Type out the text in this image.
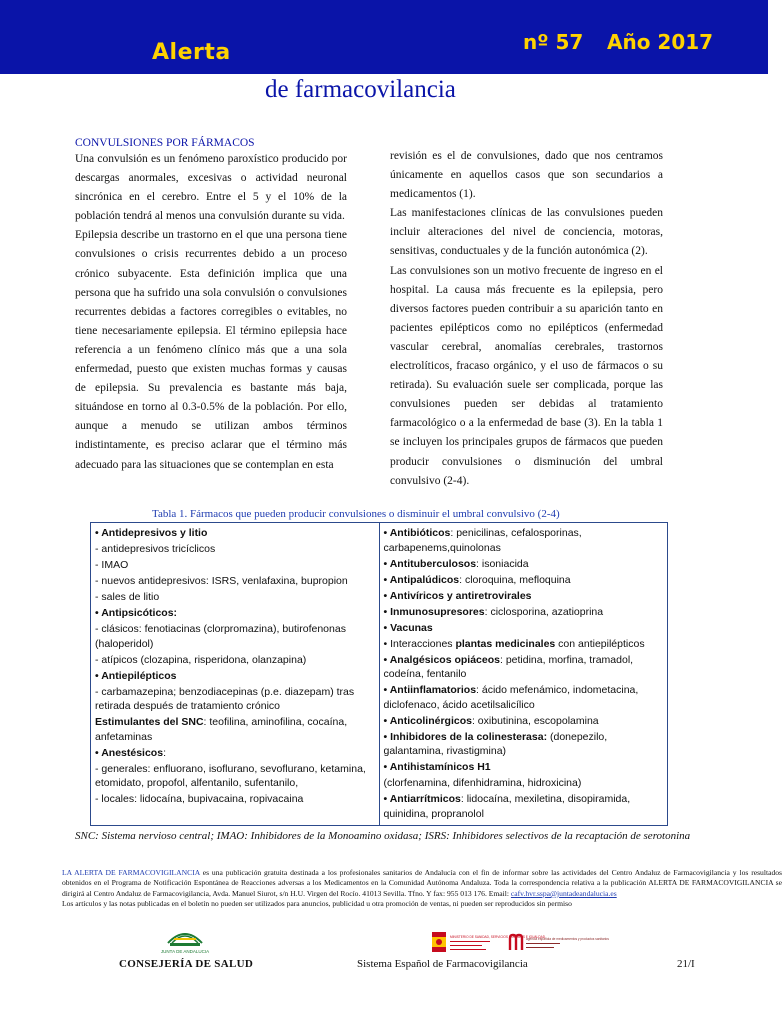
Alerta	nº 57 Año 2017
de farmacovilancia

CONVULSIONES POR FÁRMACOS

Una convulsión es un fenómeno paroxístico producido por descargas anormales, excesivas o actividad neuronal sincrónica en el cerebro. Entre el 5 y el 10% de la población tendrá al menos una convulsión durante su vida.

Epilepsia describe un trastorno en el que una persona tiene convulsiones o crisis recurrentes debido a un proceso crónico subyacente. Esta definición implica que una persona que ha sufrido una sola convulsión o convulsiones recurrentes debidas a factores corregibles o evitables, no tiene necesariamente epilepsia. El término epilepsia hace referencia a un fenómeno clínico más que a una sola enfermedad, puesto que existen muchas formas y causas de epilepsia. Su prevalencia es bastante más baja, situándose en torno al 0.3-0.5% de la población. Por ello, aunque a menudo se utilizan ambos términos indistintamente, es preciso aclarar que el término más adecuado para las situaciones que se contemplan en esta

revisión es el de convulsiones, dado que nos centramos únicamente en aquellos casos que son secundarios a medicamentos (1).

Las manifestaciones clínicas de las convulsiones pueden incluir alteraciones del nivel de conciencia, motoras, sensitivas, conductuales y de la función autonómica (2).

Las convulsiones son un motivo frecuente de ingreso en el hospital. La causa más frecuente es la epilepsia, pero diversos factores pueden contribuir a su aparición tanto en pacientes epilépticos como no epilépticos (enfermedad vascular cerebral, anomalías cerebrales, trastornos electrolíticos, fracaso orgánico, y el uso de fármacos o su retirada). Su evaluación suele ser complicada, porque las convulsiones pueden ser debidas al tratamiento farmacológico o a la enfermedad de base (3). En la tabla 1 se incluyen los principales grupos de fármacos que pueden producir convulsiones o disminución del umbral convulsivo (2-4).

Tabla 1. Fármacos que pueden producir convulsiones o disminuir el umbral convulsivo (2-4)
• Antidepresivos y litio
- antidepresivos tricíclicos
- IMAO
- nuevos antidepresivos: ISRS, venlafaxina, bupropion
- sales de litio
• Antipsicóticos:
- clásicos: fenotiacinas (clorpromazina), butirofenonas (haloperidol)
- atípicos (clozapina, risperidona, olanzapina)
• Antiepilépticos
- carbamazepina; benzodiacepinas (p.e. diazepam) tras retirada después de tratamiento crónico
Estimulantes del SNC: teofilina, aminofilina, cocaína, anfetaminas
• Anestésicos:
- generales: enfluorano, isoflurano, sevoflurano, ketamina, etomidato, propofol, alfentanilo, sufentanilo,
- locales: lidocaína, bupivacaina, ropivacaina

• Antibióticos: penicilinas, cefalosporinas, carbapenems,quinolonas
• Antituberculosos: isoniacida
• Antipalúdicos: cloroquina, mefloquina
• Antivíricos y antiretrovirales
• Inmunosupresores: ciclosporina, azatioprina
• Vacunas
• Interacciones plantas medicinales con antiepilépticos
• Analgésicos opiáceos: petidina, morfina, tramadol, codeína, fentanilo
• Antiinflamatorios: ácido mefenámico, indometacina, diclofenaco, ácido acetilsalicílico
• Anticolinérgicos: oxibutinina, escopolamina
• Inhibidores de la colinesterasa: (donepezilo, galantamina, rivastigmina)
• Antihistamínicos H1
(clorfenamina, difenhidramina, hidroxicina)
• Antiarrítmicos: lidocaína, mexiletina, disopiramida, quinidina, propranolol
SNC: Sistema nervioso central; IMAO: Inhibidores de la Monoamino oxidasa; ISRS: Inhibidores selectivos de la recaptación de serotonina
LA ALERTA DE FARMACOVIGILANCIA es una publicación gratuita destinada a los profesionales sanitarios de Andalucía con el fin de informar sobre las actividades del Centro Andaluz de Farmacovigilancia y los resultados obtenidos en el Programa de Notificación Espontánea de Reacciones adversas a los Medicamentos en la Comunidad Autónoma Andaluza. Toda la correspondencia relativa a la publicación ALERTA DE FARMACOVIGILANCIA se dirigirá al Centro Andaluz de Farmacovigilancia, Avda. Manuel Siurot, s/n H.U. Virgen del Rocío. 41013 Sevilla. Tfno. Y fax: 955 013 176. Email: cafv.hvr.sspa@juntadeandalucia.es
Los artículos y las notas publicadas en el boletín no pueden ser utilizados para anuncios, publicidad u otra promoción de ventas, ni pueden ser reproducidos sin permiso
JUNTA DE ANDALUCIA
CONSEJERÍA DE SALUD	Sistema Español de Farmacovigilancia	21/I
MINISTERIO DE SANIDAD, SERVICIOS SOCIALES E IGUALDAD
agencia española de medicamentos y productos sanitarios
